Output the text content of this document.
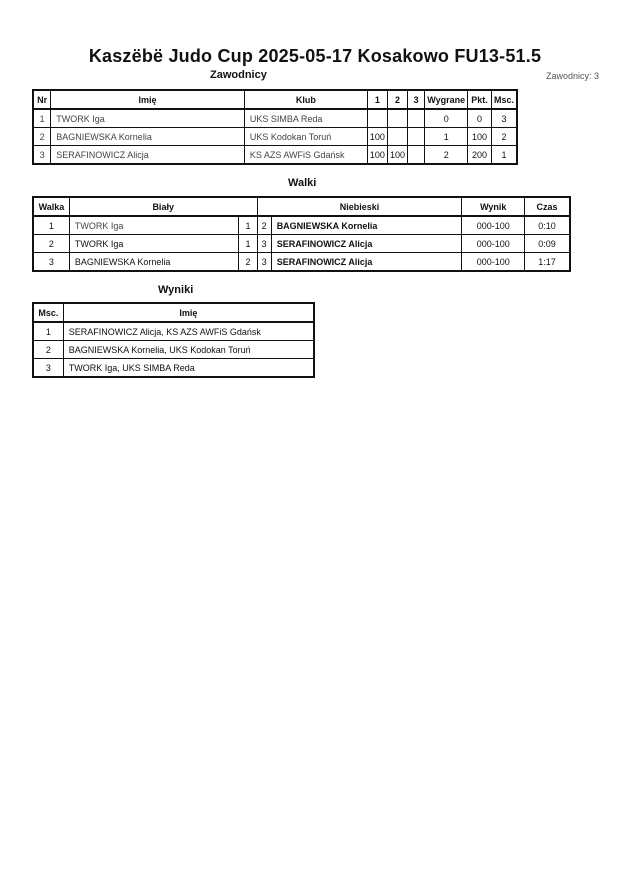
Kaszëbë Judo Cup 2025-05-17 Kosakowo FU13-51.5
Zawodnicy	Zawodnicy: 3
Nr	Imię	Klub	1	2	3	Wygrane	Pkt.	Msc.
1	TWORK Iga	UKS SIMBA Reda				0	0	3
2	BAGNIEWSKA Kornelia	UKS Kodokan Toruń	100			1	100	2
3	SERAFINOWICZ Alicja	KS AZS AWFiS Gdańsk	100	100		2	200	1
Walki
Walka	Biały		Niebieski		Wynik	Czas
1	TWORK Iga	1	2	BAGNIEWSKA Kornelia	000-100	0:10
2	TWORK Iga	1	3	SERAFINOWICZ Alicja	000-100	0:09
3	BAGNIEWSKA Kornelia	2	3	SERAFINOWICZ Alicja	000-100	1:17
Wyniki
Msc.	Imię
1	SERAFINOWICZ Alicja, KS AZS AWFiS Gdańsk
2	BAGNIEWSKA Kornelia, UKS Kodokan Toruń
3	TWORK Iga, UKS SIMBA Reda
